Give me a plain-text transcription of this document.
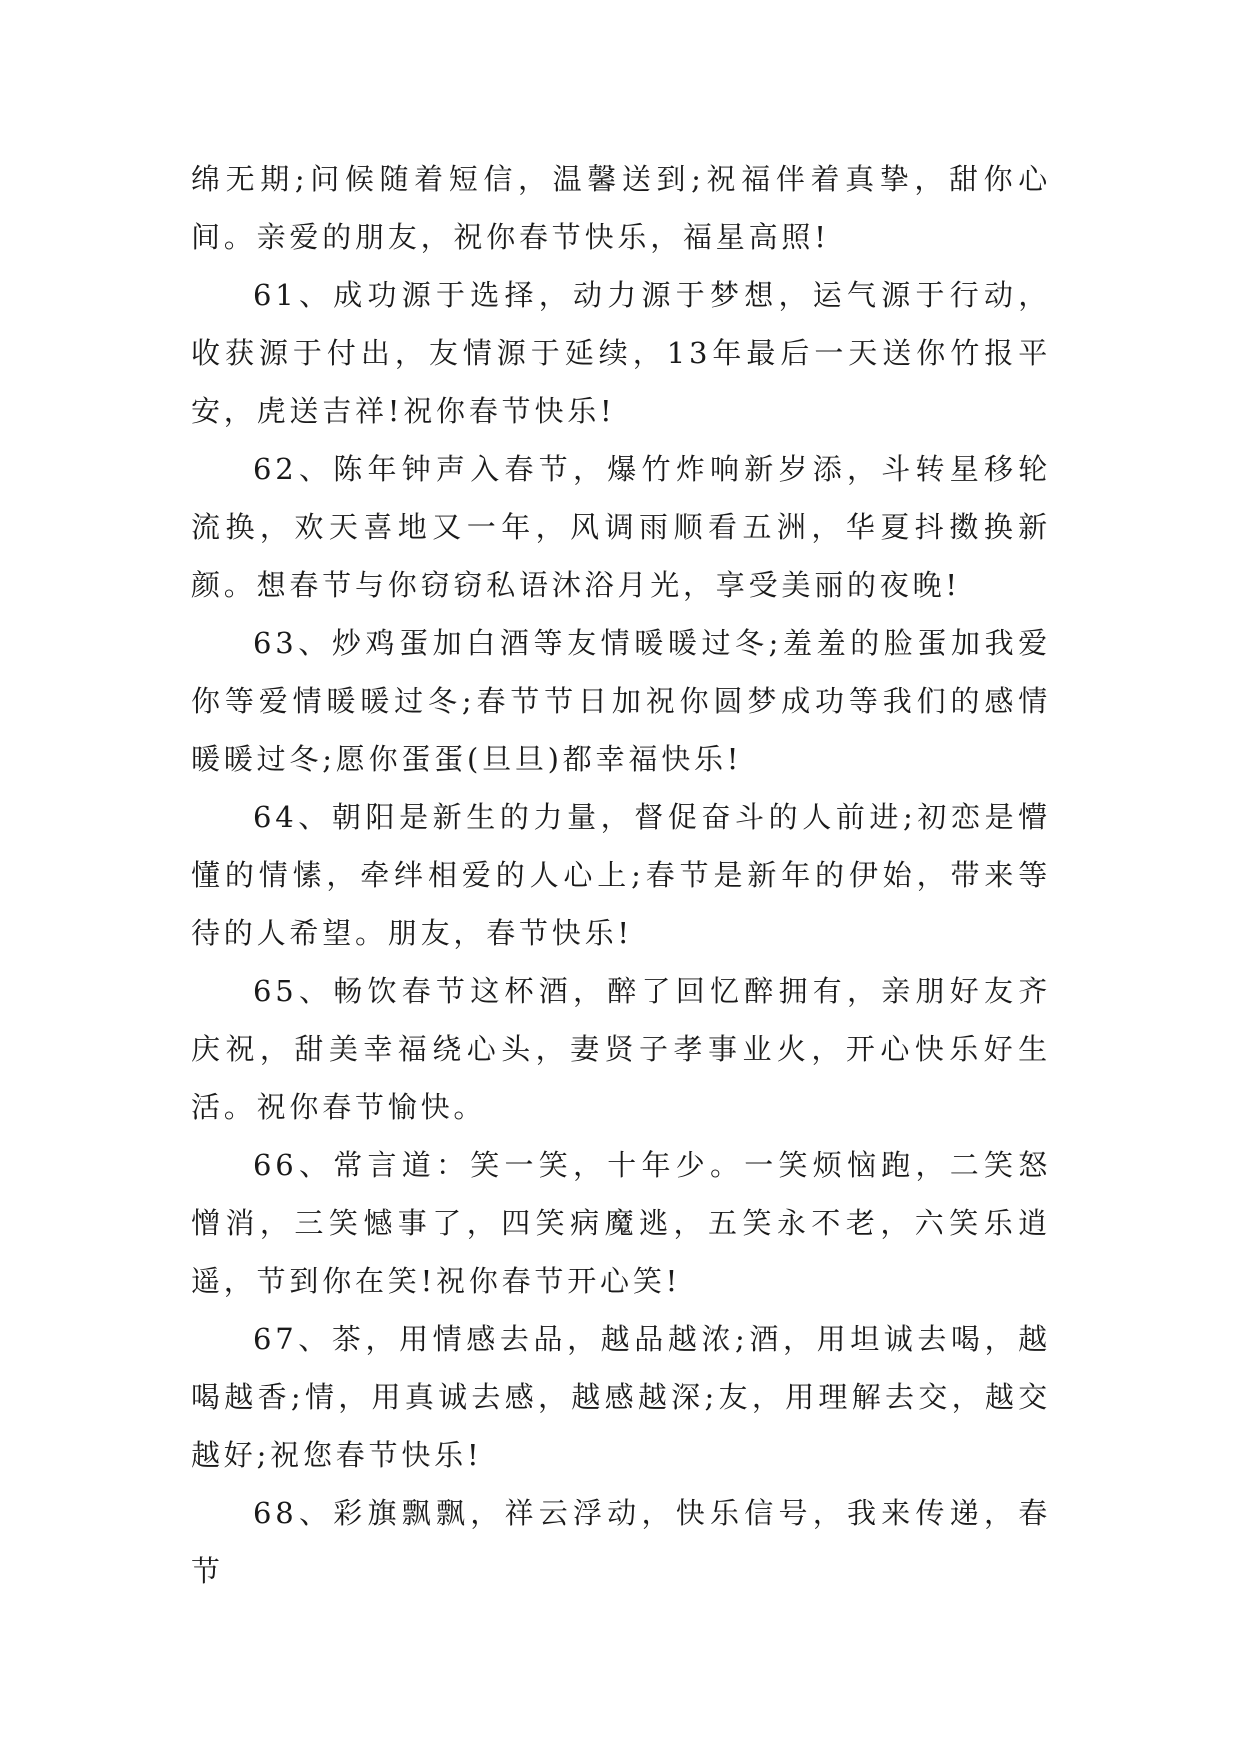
绵无期;问候随着短信，温馨送到;祝福伴着真挚，甜你心间。亲爱的朋友，祝你春节快乐，福星高照!

61、成功源于选择，动力源于梦想，运气源于行动，收获源于付出，友情源于延续，13年最后一天送你竹报平安，虎送吉祥!祝你春节快乐!

62、陈年钟声入春节，爆竹炸响新岁添，斗转星移轮流换，欢天喜地又一年，风调雨顺看五洲，华夏抖擞换新颜。想春节与你窃窃私语沐浴月光，享受美丽的夜晚!

63、炒鸡蛋加白酒等友情暖暖过冬;羞羞的脸蛋加我爱你等爱情暖暖过冬;春节节日加祝你圆梦成功等我们的感情暖暖过冬;愿你蛋蛋(旦旦)都幸福快乐!

64、朝阳是新生的力量，督促奋斗的人前进;初恋是懵懂的情愫，牵绊相爱的人心上;春节是新年的伊始，带来等待的人希望。朋友，春节快乐!

65、畅饮春节这杯酒，醉了回忆醉拥有，亲朋好友齐庆祝，甜美幸福绕心头，妻贤子孝事业火，开心快乐好生活。祝你春节愉快。

66、常言道：笑一笑，十年少。一笑烦恼跑，二笑怒憎消，三笑憾事了，四笑病魔逃，五笑永不老，六笑乐逍遥，节到你在笑!祝你春节开心笑!

67、茶，用情感去品，越品越浓;酒，用坦诚去喝，越喝越香;情，用真诚去感，越感越深;友，用理解去交，越交越好;祝您春节快乐!

68、彩旗飘飘，祥云浮动，快乐信号，我来传递，春节
